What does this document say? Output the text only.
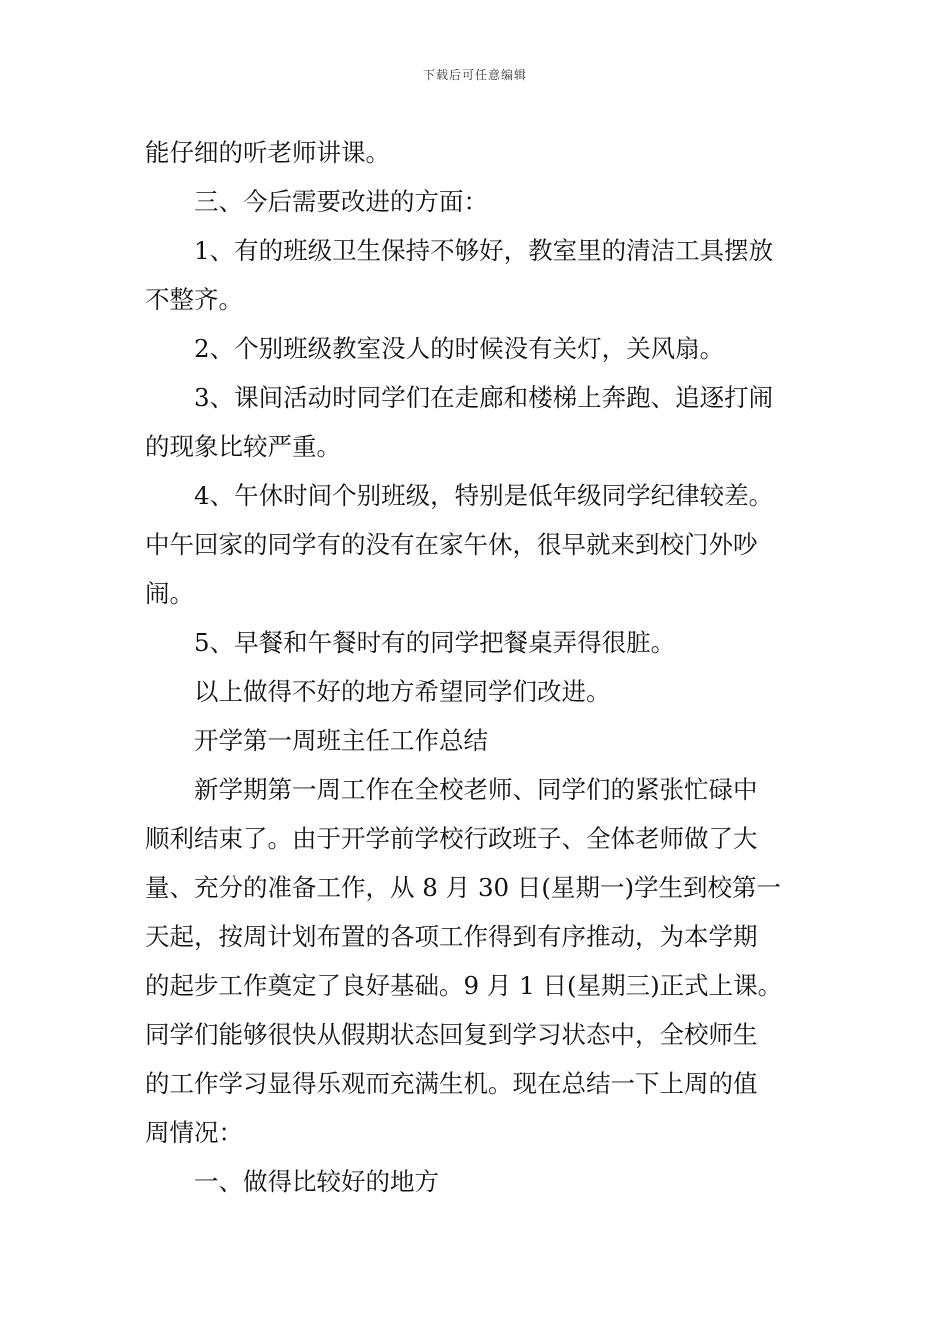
下载后可任意编辑

能仔细的听老师讲课。

三、今后需要改进的方面：

1、有的班级卫生保持不够好，教室里的清洁工具摆放

不整齐。

2、个别班级教室没人的时候没有关灯，关风扇。

3、课间活动时同学们在走廊和楼梯上奔跑、追逐打闹

的现象比较严重。

4、午休时间个别班级，特别是低年级同学纪律较差。

中午回家的同学有的没有在家午休，很早就来到校门外吵

闹。

5、早餐和午餐时有的同学把餐桌弄得很脏。

以上做得不好的地方希望同学们改进。

开学第一周班主任工作总结

新学期第一周工作在全校老师、同学们的紧张忙碌中

顺利结束了。由于开学前学校行政班子、全体老师做了大

量、充分的准备工作，从 8 月 30 日(星期一)学生到校第一

天起，按周计划布置的各项工作得到有序推动，为本学期

的起步工作奠定了良好基础。9 月 1 日(星期三)正式上课。

同学们能够很快从假期状态回复到学习状态中，全校师生

的工作学习显得乐观而充满生机。现在总结一下上周的值

周情况：

一、做得比较好的地方
